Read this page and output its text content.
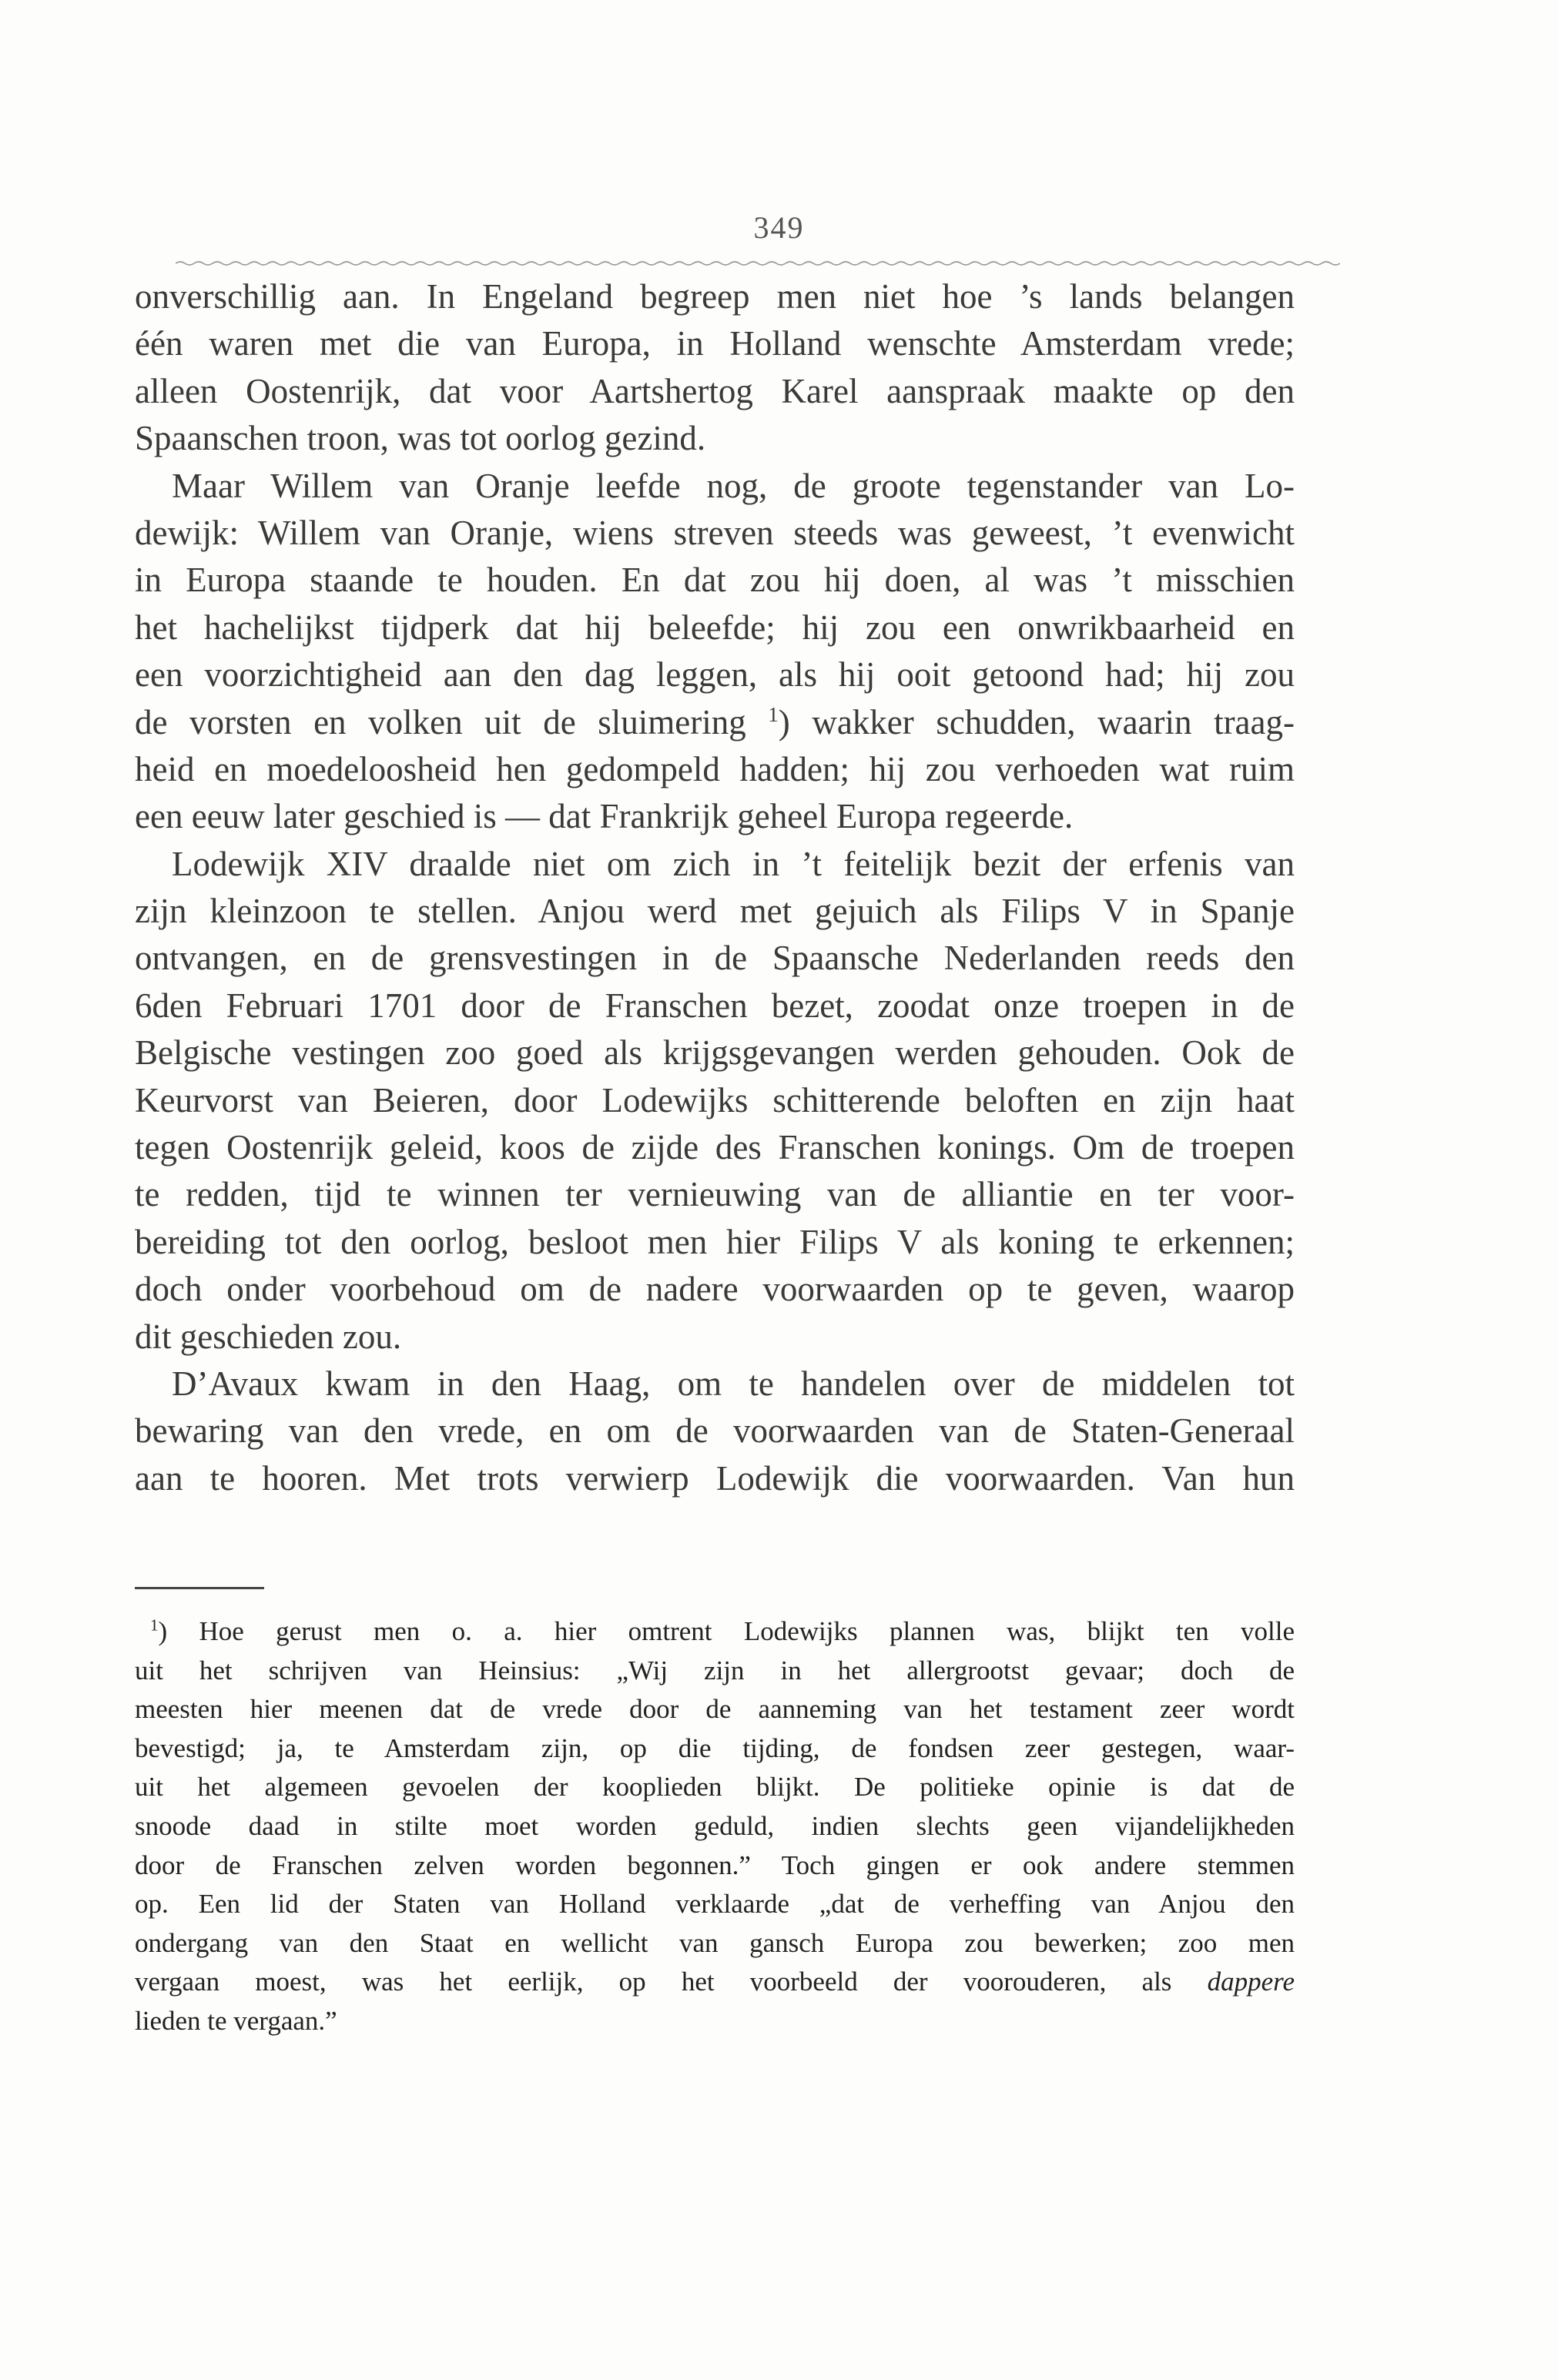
349
onverschillig aan. In Engeland begreep men niet hoe ’s lands belangen
één waren met die van Europa, in Holland wenschte Amsterdam vrede;
alleen Oostenrijk, dat voor Aartshertog Karel aanspraak maakte op den
Spaanschen troon, was tot oorlog gezind.
Maar Willem van Oranje leefde nog, de groote tegenstander van Lo-
dewijk: Willem van Oranje, wiens streven steeds was geweest, ’t evenwicht
in Europa staande te houden. En dat zou hij doen, al was ’t misschien
het hachelijkst tijdperk dat hij beleefde; hij zou een onwrikbaarheid en
een voorzichtigheid aan den dag leggen, als hij ooit getoond had; hij zou
de vorsten en volken uit de sluimering $^1$) wakker schudden, waarin traag-
heid en moedeloosheid hen gedompeld hadden; hij zou verhoeden wat ruim
een eeuw later geschied is — dat Frankrijk geheel Europa regeerde.
Lodewijk XIV draalde niet om zich in ’t feitelijk bezit der erfenis van
zijn kleinzoon te stellen. Anjou werd met gejuich als Filips V in Spanje
ontvangen, en de grensvestingen in de Spaansche Nederlanden reeds den
6den Februari 1701 door de Franschen bezet, zoodat onze troepen in de
Belgische vestingen zoo goed als krijgsgevangen werden gehouden. Ook de
Keurvorst van Beieren, door Lodewijks schitterende beloften en zijn haat
tegen Oostenrijk geleid, koos de zijde des Franschen konings. Om de troepen
te redden, tijd te winnen ter vernieuwing van de alliantie en ter voor-
bereiding tot den oorlog, besloot men hier Filips V als koning te erkennen;
doch onder voorbehoud om de nadere voorwaarden op te geven, waarop
dit geschieden zou.
D’Avaux kwam in den Haag, om te handelen over de middelen tot
bewaring van den vrede, en om de voorwaarden van de Staten-Generaal
aan te hooren. Met trots verwierp Lodewijk die voorwaarden. Van hun
$^1$) Hoe gerust men o. a. hier omtrent Lodewijks plannen was, blijkt ten volle
uit het schrijven van Heinsius: „Wij zijn in het allergrootst gevaar; doch de
meesten hier meenen dat de vrede door de aanneming van het testament zeer wordt
bevestigd; ja, te Amsterdam zijn, op die tijding, de fondsen zeer gestegen, waar-
uit het algemeen gevoelen der kooplieden blijkt. De politieke opinie is dat de
snoode daad in stilte moet worden geduld, indien slechts geen vijandelijkheden
door de Franschen zelven worden begonnen.” Toch gingen er ook andere stemmen
op. Een lid der Staten van Holland verklaarde „dat de verheffing van Anjou den
ondergang van den Staat en wellicht van gansch Europa zou bewerken; zoo men
vergaan moest, was het eerlijk, op het voorbeeld der voorouderen, als dappere
lieden te vergaan.”
